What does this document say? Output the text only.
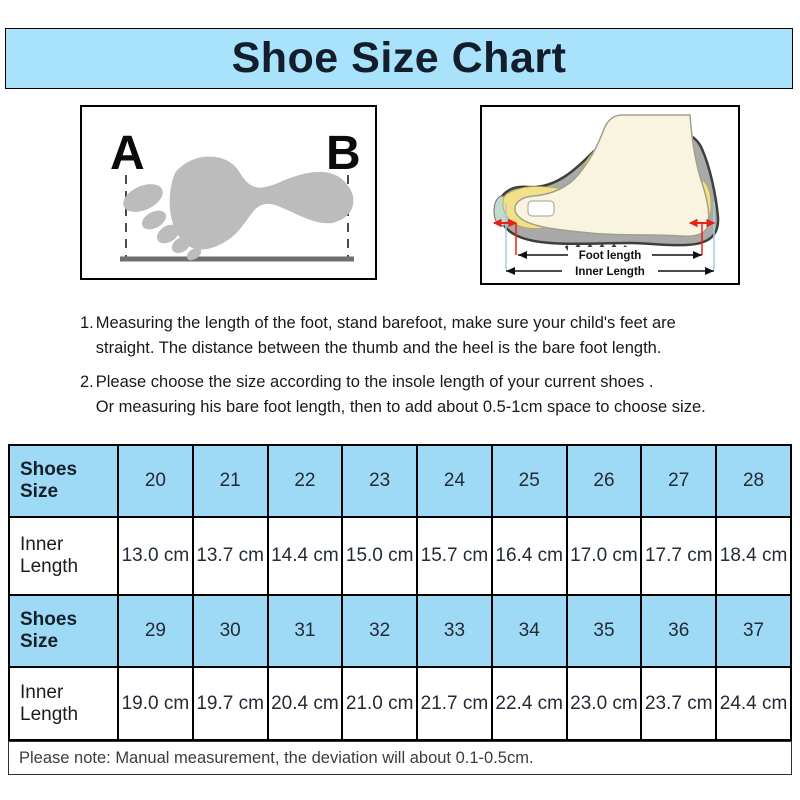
Shoe Size Chart
A	B
Foot length
Inner Length
1. Measuring the length of the foot, stand barefoot, make sure your child's feet are
straight. The distance between the thumb and the heel is the bare foot length.
2. Please choose the size according to the insole length of your current shoes .
Or measuring his bare foot length, then to add about 0.5-1cm space to choose size.
Shoes Size	20	21	22	23	24	25	26	27	28
Inner Length	13.0 cm	13.7 cm	14.4 cm	15.0 cm	15.7 cm	16.4 cm	17.0 cm	17.7 cm	18.4 cm
Shoes Size	29	30	31	32	33	34	35	36	37
Inner Length	19.0 cm	19.7 cm	20.4 cm	21.0 cm	21.7 cm	22.4 cm	23.0 cm	23.7 cm	24.4 cm
Please note: Manual measurement, the deviation will about 0.1-0.5cm.
